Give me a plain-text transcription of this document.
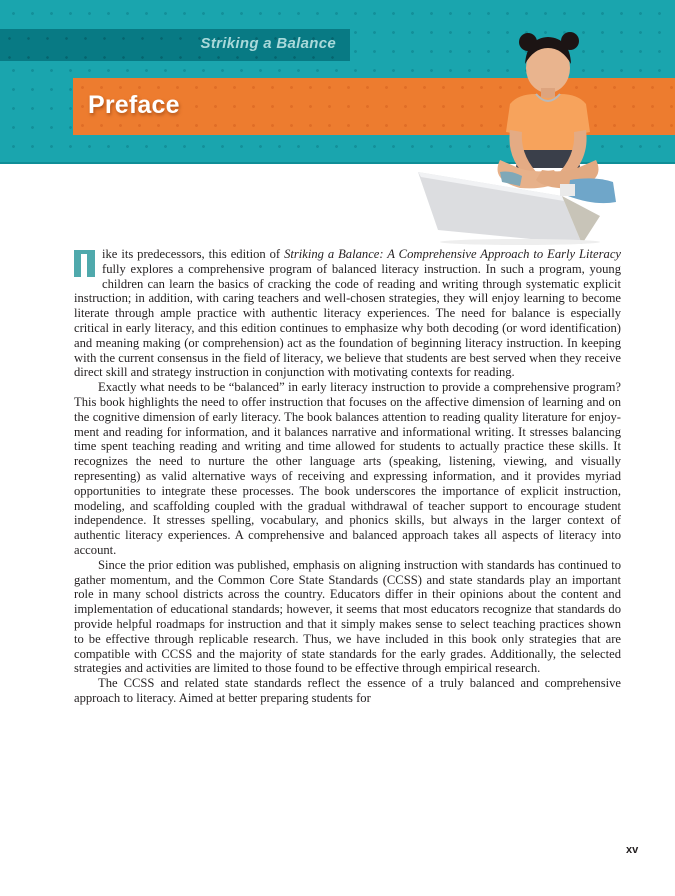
Striking a Balance
Preface

ike its predecessors, this edition of Striking a Balance: A Comprehensive Approach to Early Literacy fully explores a comprehensive program of balanced literacy instruction. In such a program, young children can learn the basics of cracking the code of reading and writing through systematic explicit instruction; in addition, with caring teachers and well-chosen strategies, they will enjoy learning to become literate through ample practice with authentic literacy experiences. The need for balance is especially critical in early literacy, and this edition continues to emphasize why both decoding (or word identification) and meaning making (or comprehension) act as the foundation of beginning literacy instruction. In keeping with the current consensus in the field of literacy, we believe that students are best served when they receive direct skill and strategy instruction in conjunction with motivating contexts for reading.

Exactly what needs to be “balanced” in early literacy instruction to provide a comprehensive program? This book highlights the need to offer instruction that focuses on the affective dimension of learning and on the cognitive dimension of early literacy. The book balances attention to reading quality literature for enjoyment and reading for information, and it balances narrative and informational writing. It stresses balancing time spent teaching reading and writing and time allowed for students to actually practice these skills. It recognizes the need to nurture the other language arts (speaking, listening, viewing, and visually representing) as valid alternative ways of receiving and expressing information, and it provides myriad opportunities to integrate these processes. The book underscores the importance of explicit instruction, modeling, and scaffolding coupled with the gradual withdrawal of teacher support to encourage student independence. It stresses spelling, vocabulary, and phonics skills, but always in the larger context of authentic literacy experiences. A comprehensive and balanced approach takes all aspects of literacy into account.

Since the prior edition was published, emphasis on aligning instruction with standards has continued to gather momentum, and the Common Core State Standards (CCSS) and state standards play an important role in many school districts across the country. Educators differ in their opinions about the content and implementation of educational standards; however, it seems that most educators recognize that standards do provide helpful roadmaps for instruction and that it simply makes sense to select teaching practices shown to be effective through replicable research. Thus, we have included in this book only strategies that are compatible with CCSS and the majority of state standards for the early grades. Additionally, the selected strategies and activities are limited to those found to be effective through empirical research.

The CCSS and related state standards reflect the essence of a truly balanced and comprehensive approach to literacy. Aimed at better preparing students for

xv
